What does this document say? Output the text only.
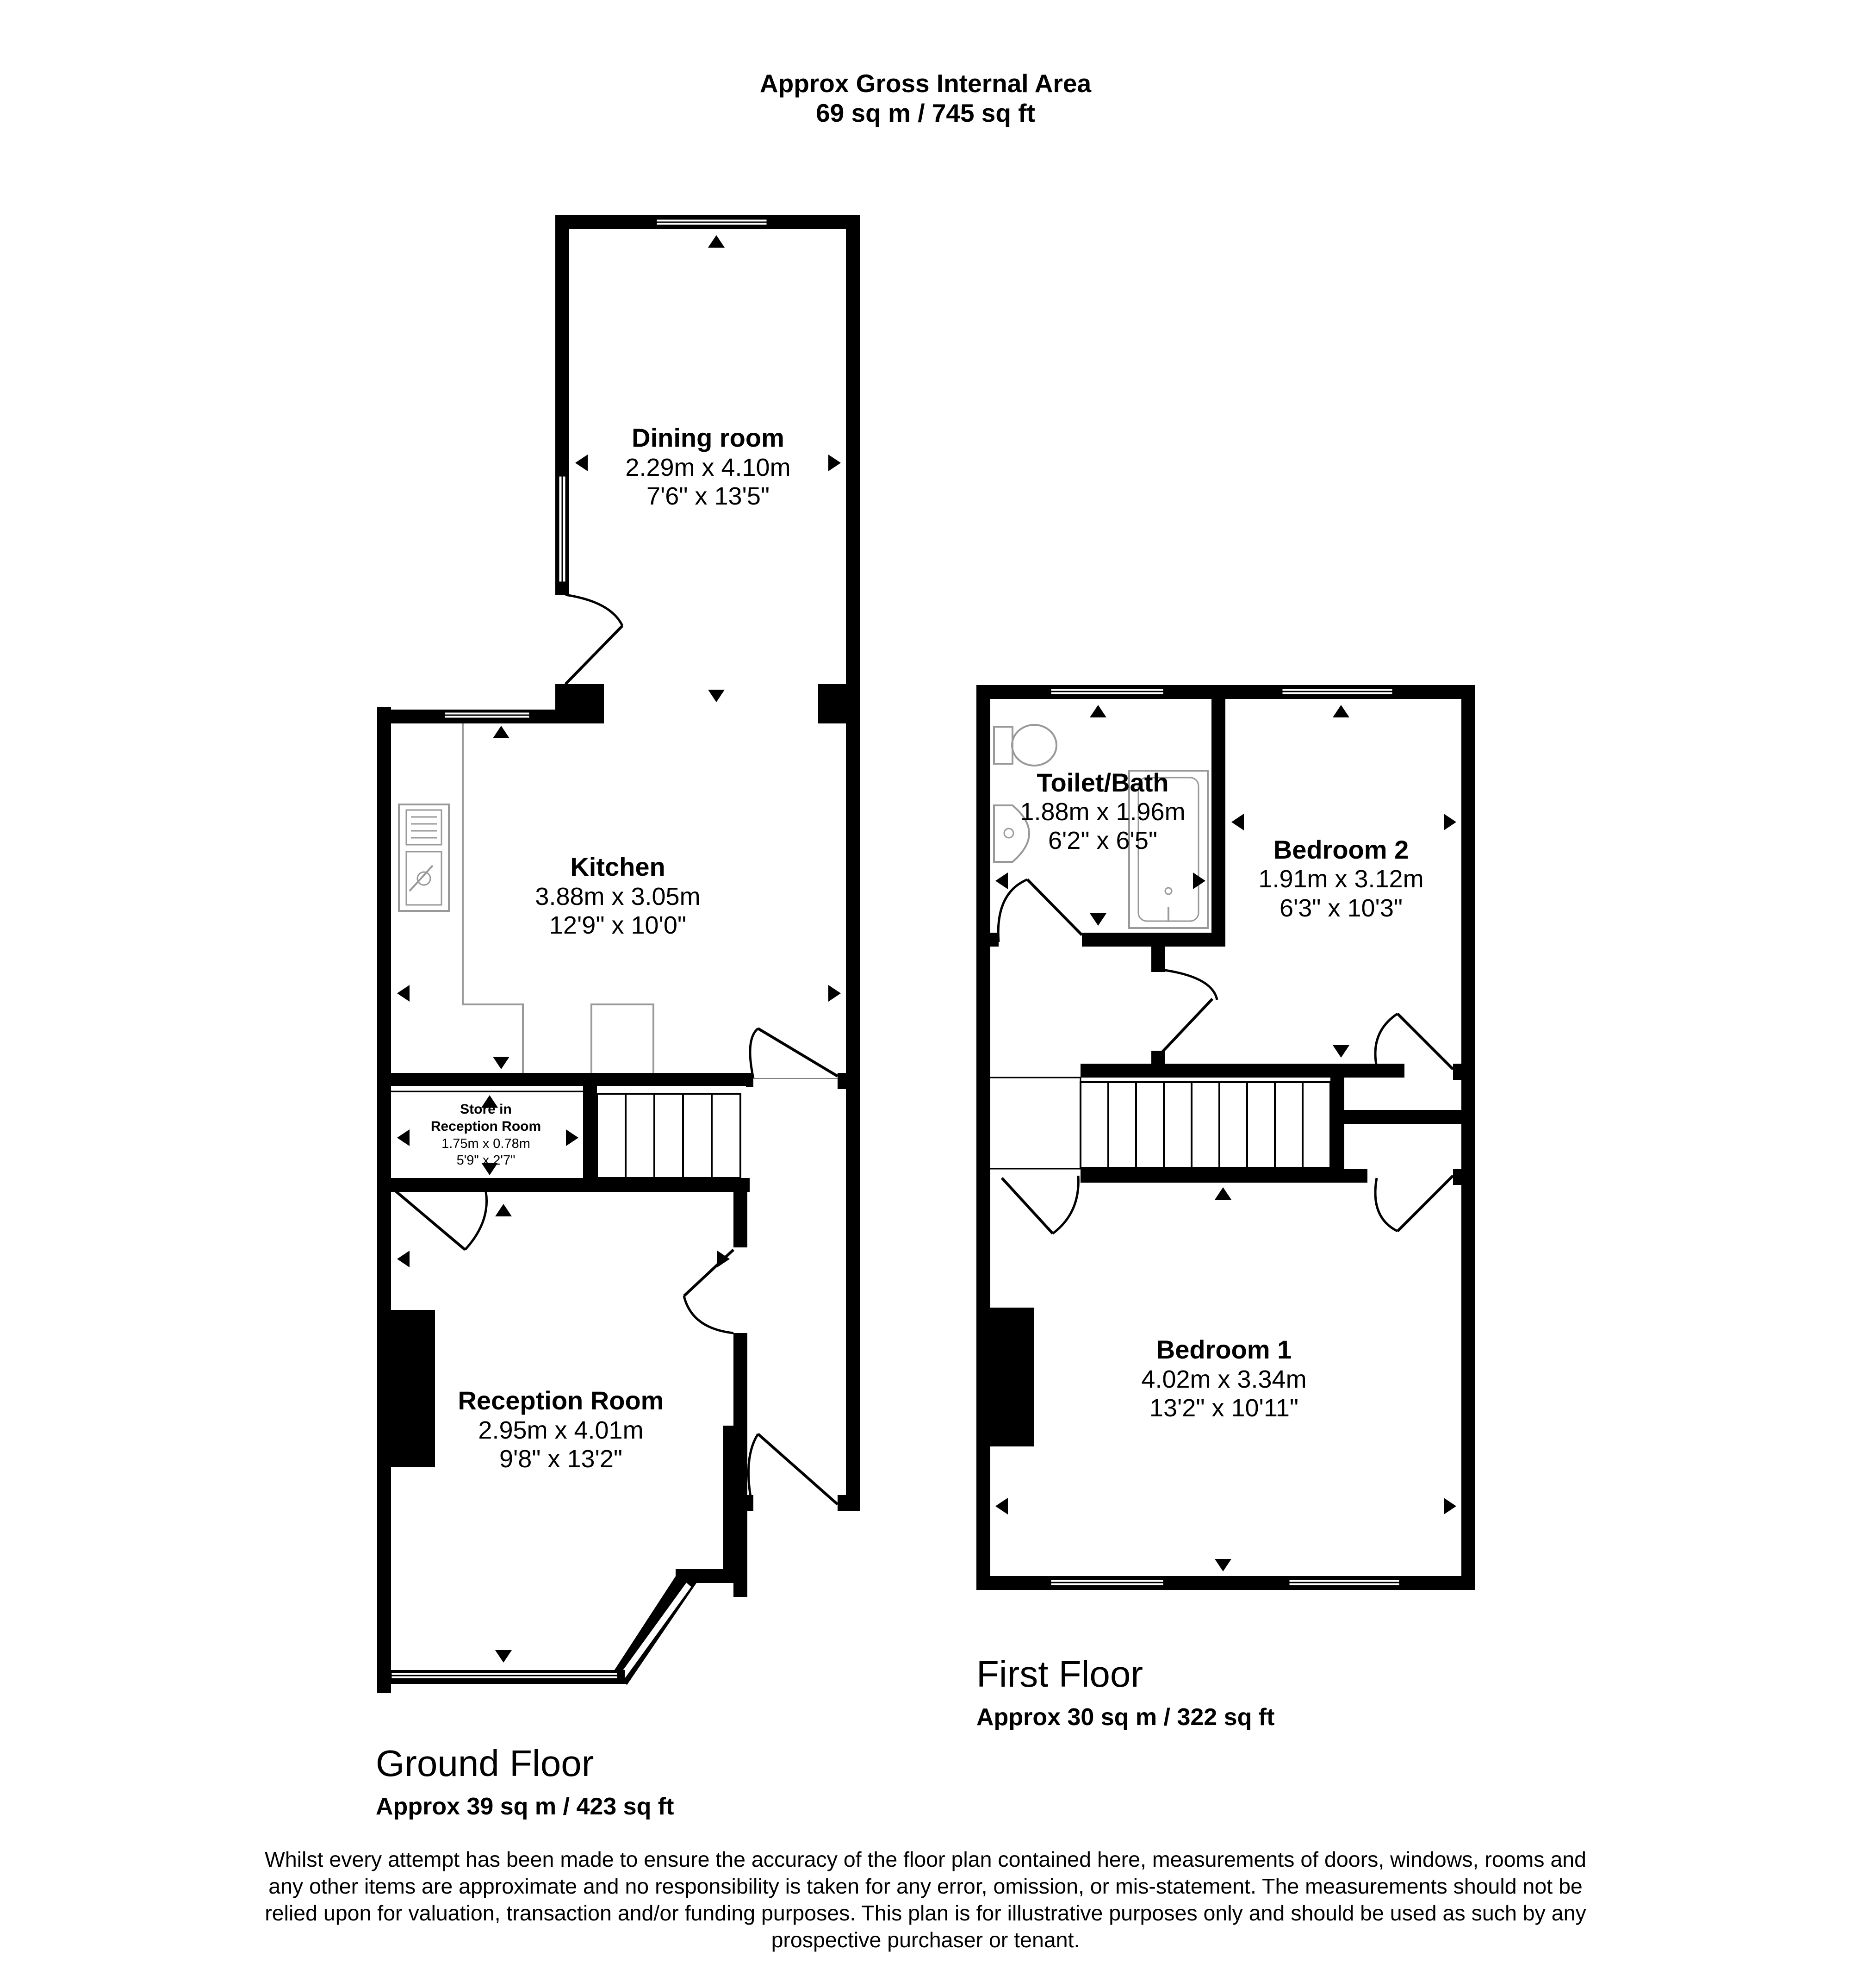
Approx Gross Internal Area
69 sq m / 745 sq ft
Dining room
2.29m x 4.10m
7'6" x 13'5"
Kitchen
3.88m x 3.05m
12'9" x 10'0"
Store in
Reception Room
1.75m x 0.78m
5'9" x 2'7"
Reception Room
2.95m x 4.01m
9'8" x 13'2"
Toilet/Bath
1.88m x 1.96m
6'2" x 6'5"	Bedroom 2
1.91m x 3.12m
6'3" x 10'3"
Bedroom 1
4.02m x 3.34m
13'2" x 10'11"
First Floor
Approx 30 sq m / 322 sq ft
Ground Floor
Approx 39 sq m / 423 sq ft
Whilst every attempt has been made to ensure the accuracy of the floor plan contained here, measurements of doors, windows, rooms and
any other items are approximate and no responsibility is taken for any error, omission, or mis-statement. The measurements should not be
relied upon for valuation, transaction and/or funding purposes. This plan is for illustrative purposes only and should be used as such by any
prospective purchaser or tenant.
